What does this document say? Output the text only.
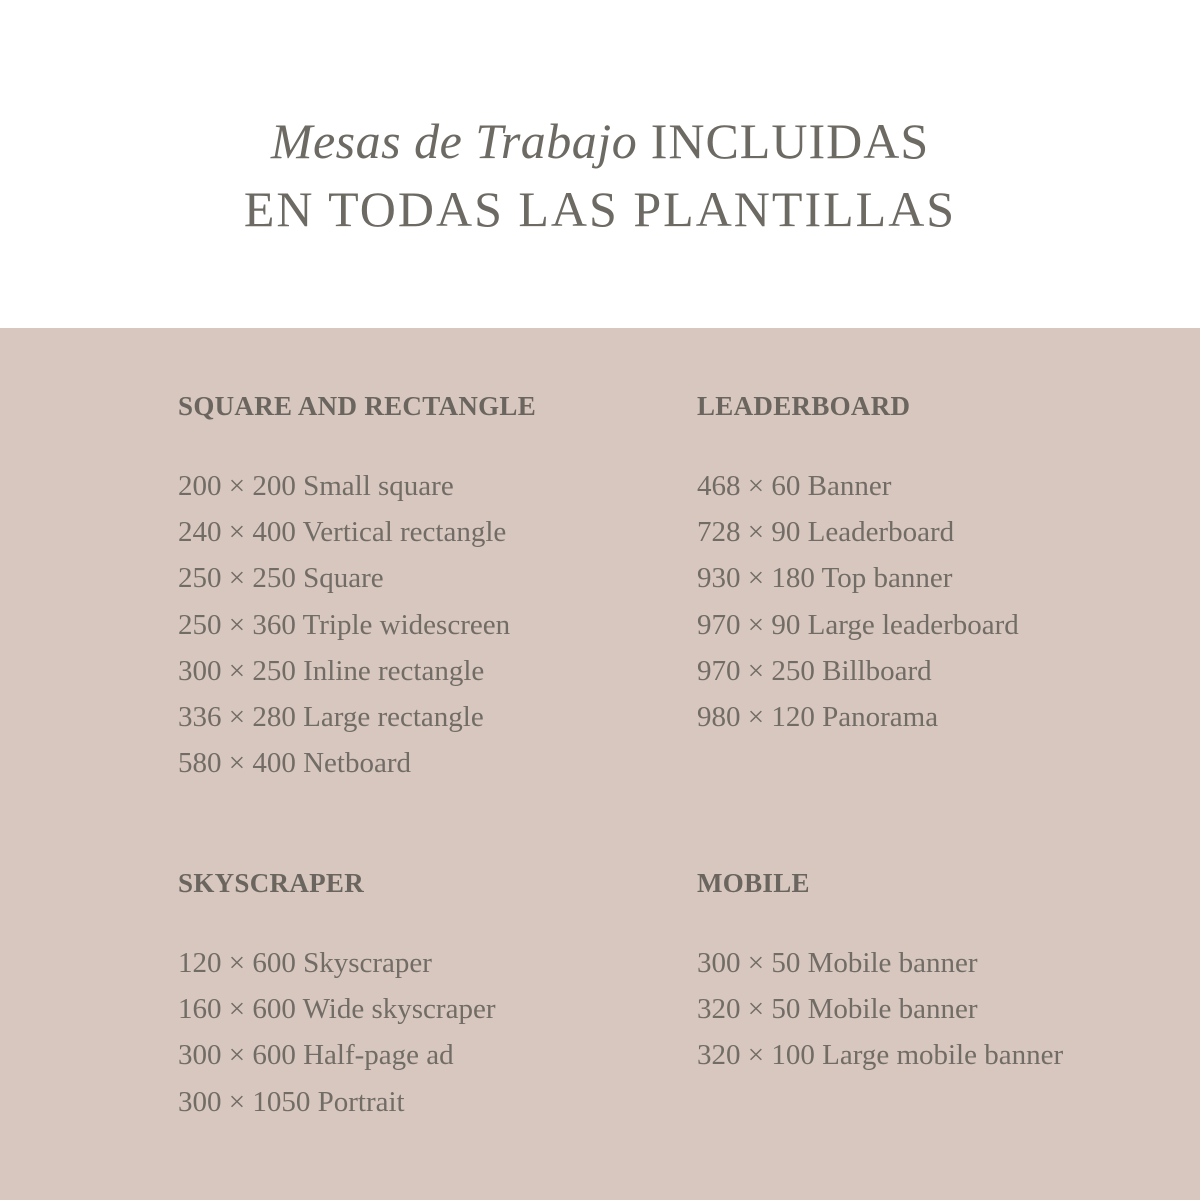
Mesas de Trabajo INCLUIDAS
EN TODAS LAS PLANTILLAS
SQUARE AND RECTANGLE
200 × 200 Small square
240 × 400 Vertical rectangle
250 × 250 Square
250 × 360 Triple widescreen
300 × 250 Inline rectangle
336 × 280 Large rectangle
580 × 400 Netboard
LEADERBOARD
468 × 60 Banner
728 × 90 Leaderboard
930 × 180 Top banner
970 × 90 Large leaderboard
970 × 250 Billboard
980 × 120 Panorama
SKYSCRAPER
120 × 600 Skyscraper
160 × 600 Wide skyscraper
300 × 600 Half-page ad
300 × 1050 Portrait
MOBILE
300 × 50 Mobile banner
320 × 50 Mobile banner
320 × 100 Large mobile banner
